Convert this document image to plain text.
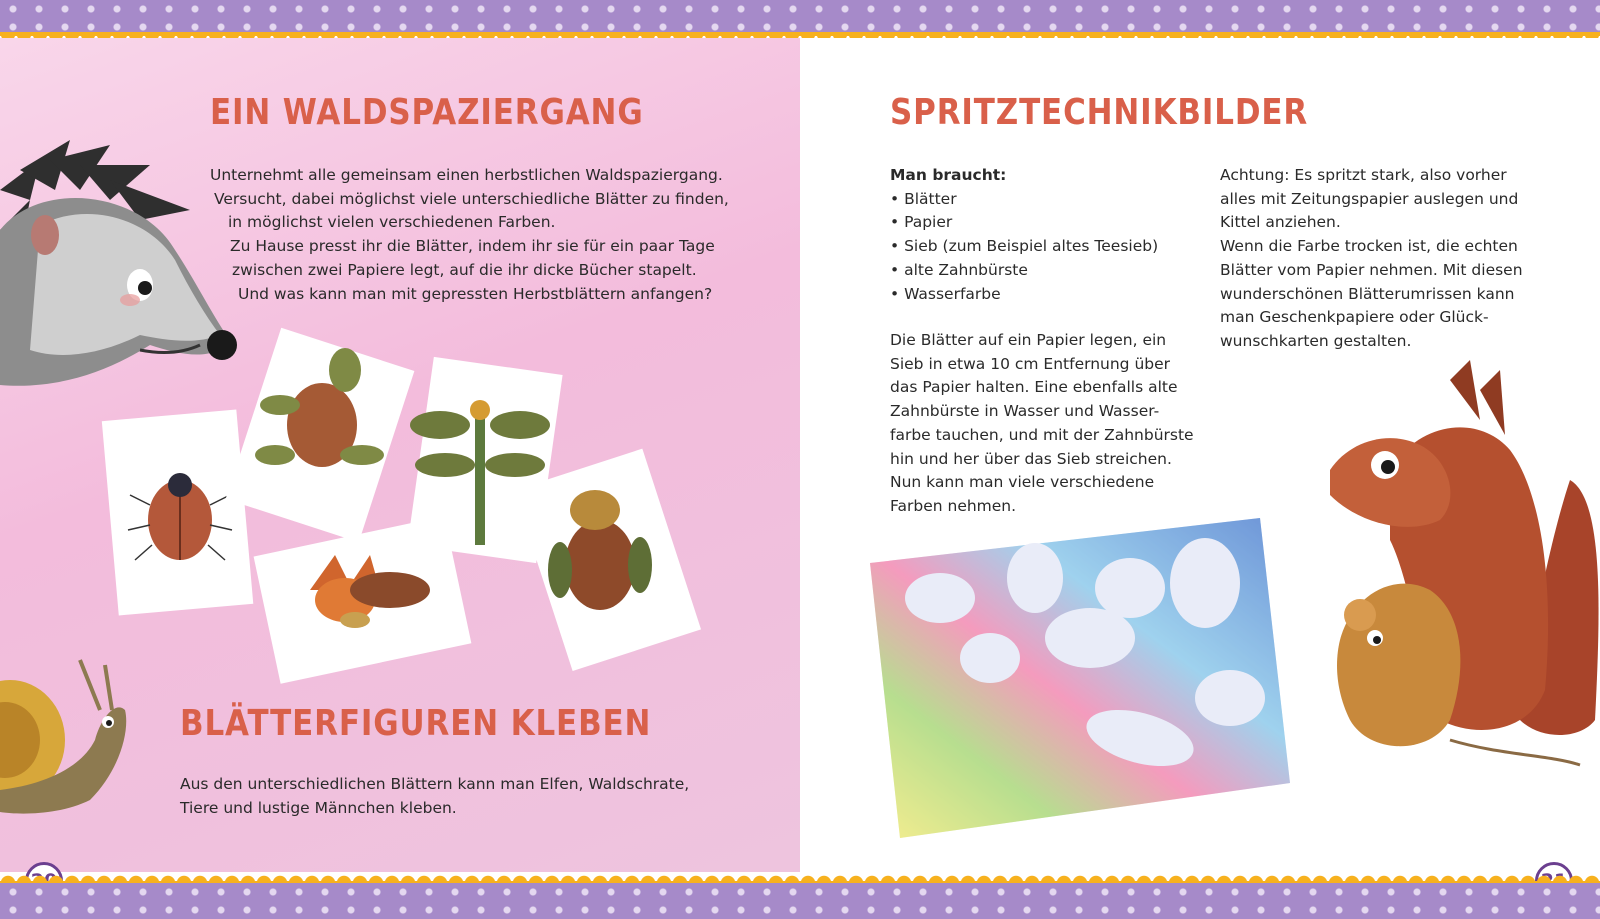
EIN WALDSPAZIERGANG
Unternehmt alle gemeinsam einen herbstlichen Waldspaziergang.
Versucht, dabei möglichst viele unterschiedliche Blätter zu finden,
in möglichst vielen verschiedenen Farben.
Zu Hause presst ihr die Blätter, indem ihr sie für ein paar Tage
zwischen zwei Papiere legt, auf die ihr dicke Bücher stapelt.
Und was kann man mit gepressten Herbstblättern anfangen?
BLÄTTERFIGUREN KLEBEN
Aus den unterschiedlichen Blättern kann man Elfen, Waldschrate,
Tiere und lustige Männchen kleben.
SPRITZTECHNIKBILDER
Man braucht:
• Blätter
• Papier
• Sieb (zum Beispiel altes Teesieb)
• alte Zahnbürste
• Wasserfarbe
Die Blätter auf ein Papier legen, ein
Sieb in etwa 10 cm Entfernung über
das Papier halten. Eine ebenfalls alte
Zahnbürste in Wasser und Wasser-
farbe tauchen, und mit der Zahnbürste
hin und her über das Sieb streichen.
Nun kann man viele verschiedene
Farben nehmen.
Achtung: Es spritzt stark, also vorher
alles mit Zeitungspapier auslegen und
Kittel anziehen.
Wenn die Farbe trocken ist, die echten
Blätter vom Papier nehmen. Mit diesen
wunderschönen Blätterumrissen kann
man Geschenkpapiere oder Glück-
wunschkarten gestalten.
